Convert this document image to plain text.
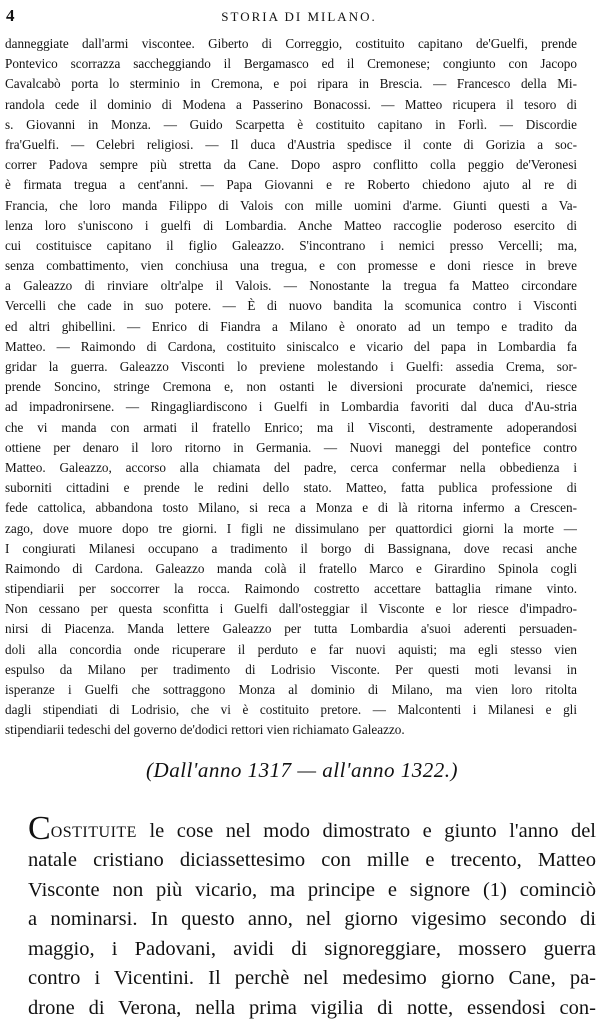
4	STORIA DI MILANO.
danneggiate dall'armi viscontee. Giberto di Correggio, costituito capitano de'Guelfi, prende
Pontevico scorrazza saccheggiando il Bergamasco ed il Cremonese; congiunto con Jacopo
Cavalcabò porta lo sterminio in Cremona, e poi ripara in Brescia. — Francesco della Mi-
randola cede il dominio di Modena a Passerino Bonacossi. — Matteo ricupera il tesoro di
s. Giovanni in Monza. — Guido Scarpetta è costituito capitano in Forlì. — Discordie
fra'Guelfi. — Celebri religiosi. — Il duca d'Austria spedisce il conte di Gorizia a soc-
correr Padova sempre più stretta da Cane. Dopo aspro conflitto colla peggio de'Veronesi
è firmata tregua a cent'anni. — Papa Giovanni e re Roberto chiedono ajuto al re di
Francia, che loro manda Filippo di Valois con mille uomini d'arme. Giunti questi a Va-
lenza loro s'uniscono i guelfi di Lombardia. Anche Matteo raccoglie poderoso esercito di
cui costituisce capitano il figlio Galeazzo. S'incontrano i nemici presso Vercelli; ma,
senza combattimento, vien conchiusa una tregua, e con promesse e doni riesce in breve
a Galeazzo di rinviare oltr'alpe il Valois. — Nonostante la tregua fa Matteo circondare
Vercelli che cade in suo potere. — È di nuovo bandita la scomunica contro i Visconti
ed altri ghibellini. — Enrico di Fiandra a Milano è onorato ad un tempo e tradito da
Matteo. — Raimondo di Cardona, costituito siniscalco e vicario del papa in Lombardia fa
gridar la guerra. Galeazzo Visconti lo previene molestando i Guelfi: assedia Crema, sor-
prende Soncino, stringe Cremona e, non ostanti le diversioni procurate da'nemici, riesce
ad impadronirsene. — Ringagliardiscono i Guelfi in Lombardia favoriti dal duca d'Au-stria
che vi manda con armati il fratello Enrico; ma il Visconti, destramente adoperandosi
ottiene per denaro il loro ritorno in Germania. — Nuovi maneggi del pontefice contro
Matteo. Galeazzo, accorso alla chiamata del padre, cerca confermar nella obbedienza i
suborniti cittadini e prende le redini dello stato. Matteo, fatta publica professione di
fede cattolica, abbandona tosto Milano, si reca a Monza e di là ritorna infermo a Crescen-
zago, dove muore dopo tre giorni. I figli ne dissimulano per quattordici giorni la morte —
I congiurati Milanesi occupano a tradimento il borgo di Bassignana, dove recasi anche
Raimondo di Cardona. Galeazzo manda colà il fratello Marco e Girardino Spinola cogli
stipendiarii per soccorrer la rocca. Raimondo costretto accettare battaglia rimane vinto.
Non cessano per questa sconfitta i Guelfi dall'osteggiar il Visconte e lor riesce d'impadro-
nirsi di Piacenza. Manda lettere Galeazzo per tutta Lombardia a'suoi aderenti persuaden-
doli alla concordia onde ricuperare il perduto e far nuovi aquisti; ma egli stesso vien
espulso da Milano per tradimento di Lodrisio Visconte. Per questi moti levansi in
isperanze i Guelfi che sottraggono Monza al dominio di Milano, ma vien loro ritolta
dagli stipendiati di Lodrisio, che vi è costituito pretore. — Malcontenti i Milanesi e gli
stipendiarii tedeschi del governo de'dodici rettori vien richiamato Galeazzo.
(Dall'anno 1317 — all'anno 1322.)
COSTITUITE le cose nel modo dimostrato e giunto l'anno del
natale cristiano diciassettesimo con mille e trecento, Matteo
Visconte non più vicario, ma principe e signore (1) cominciò
a nominarsi. In questo anno, nel giorno vigesimo secondo di
maggio, i Padovani, avidi di signoreggiare, mossero guerra
contro i Vicentini. Il perchè nel medesimo giorno Cane, pa-
drone di Verona, nella prima vigilia di notte, essendosi con-
